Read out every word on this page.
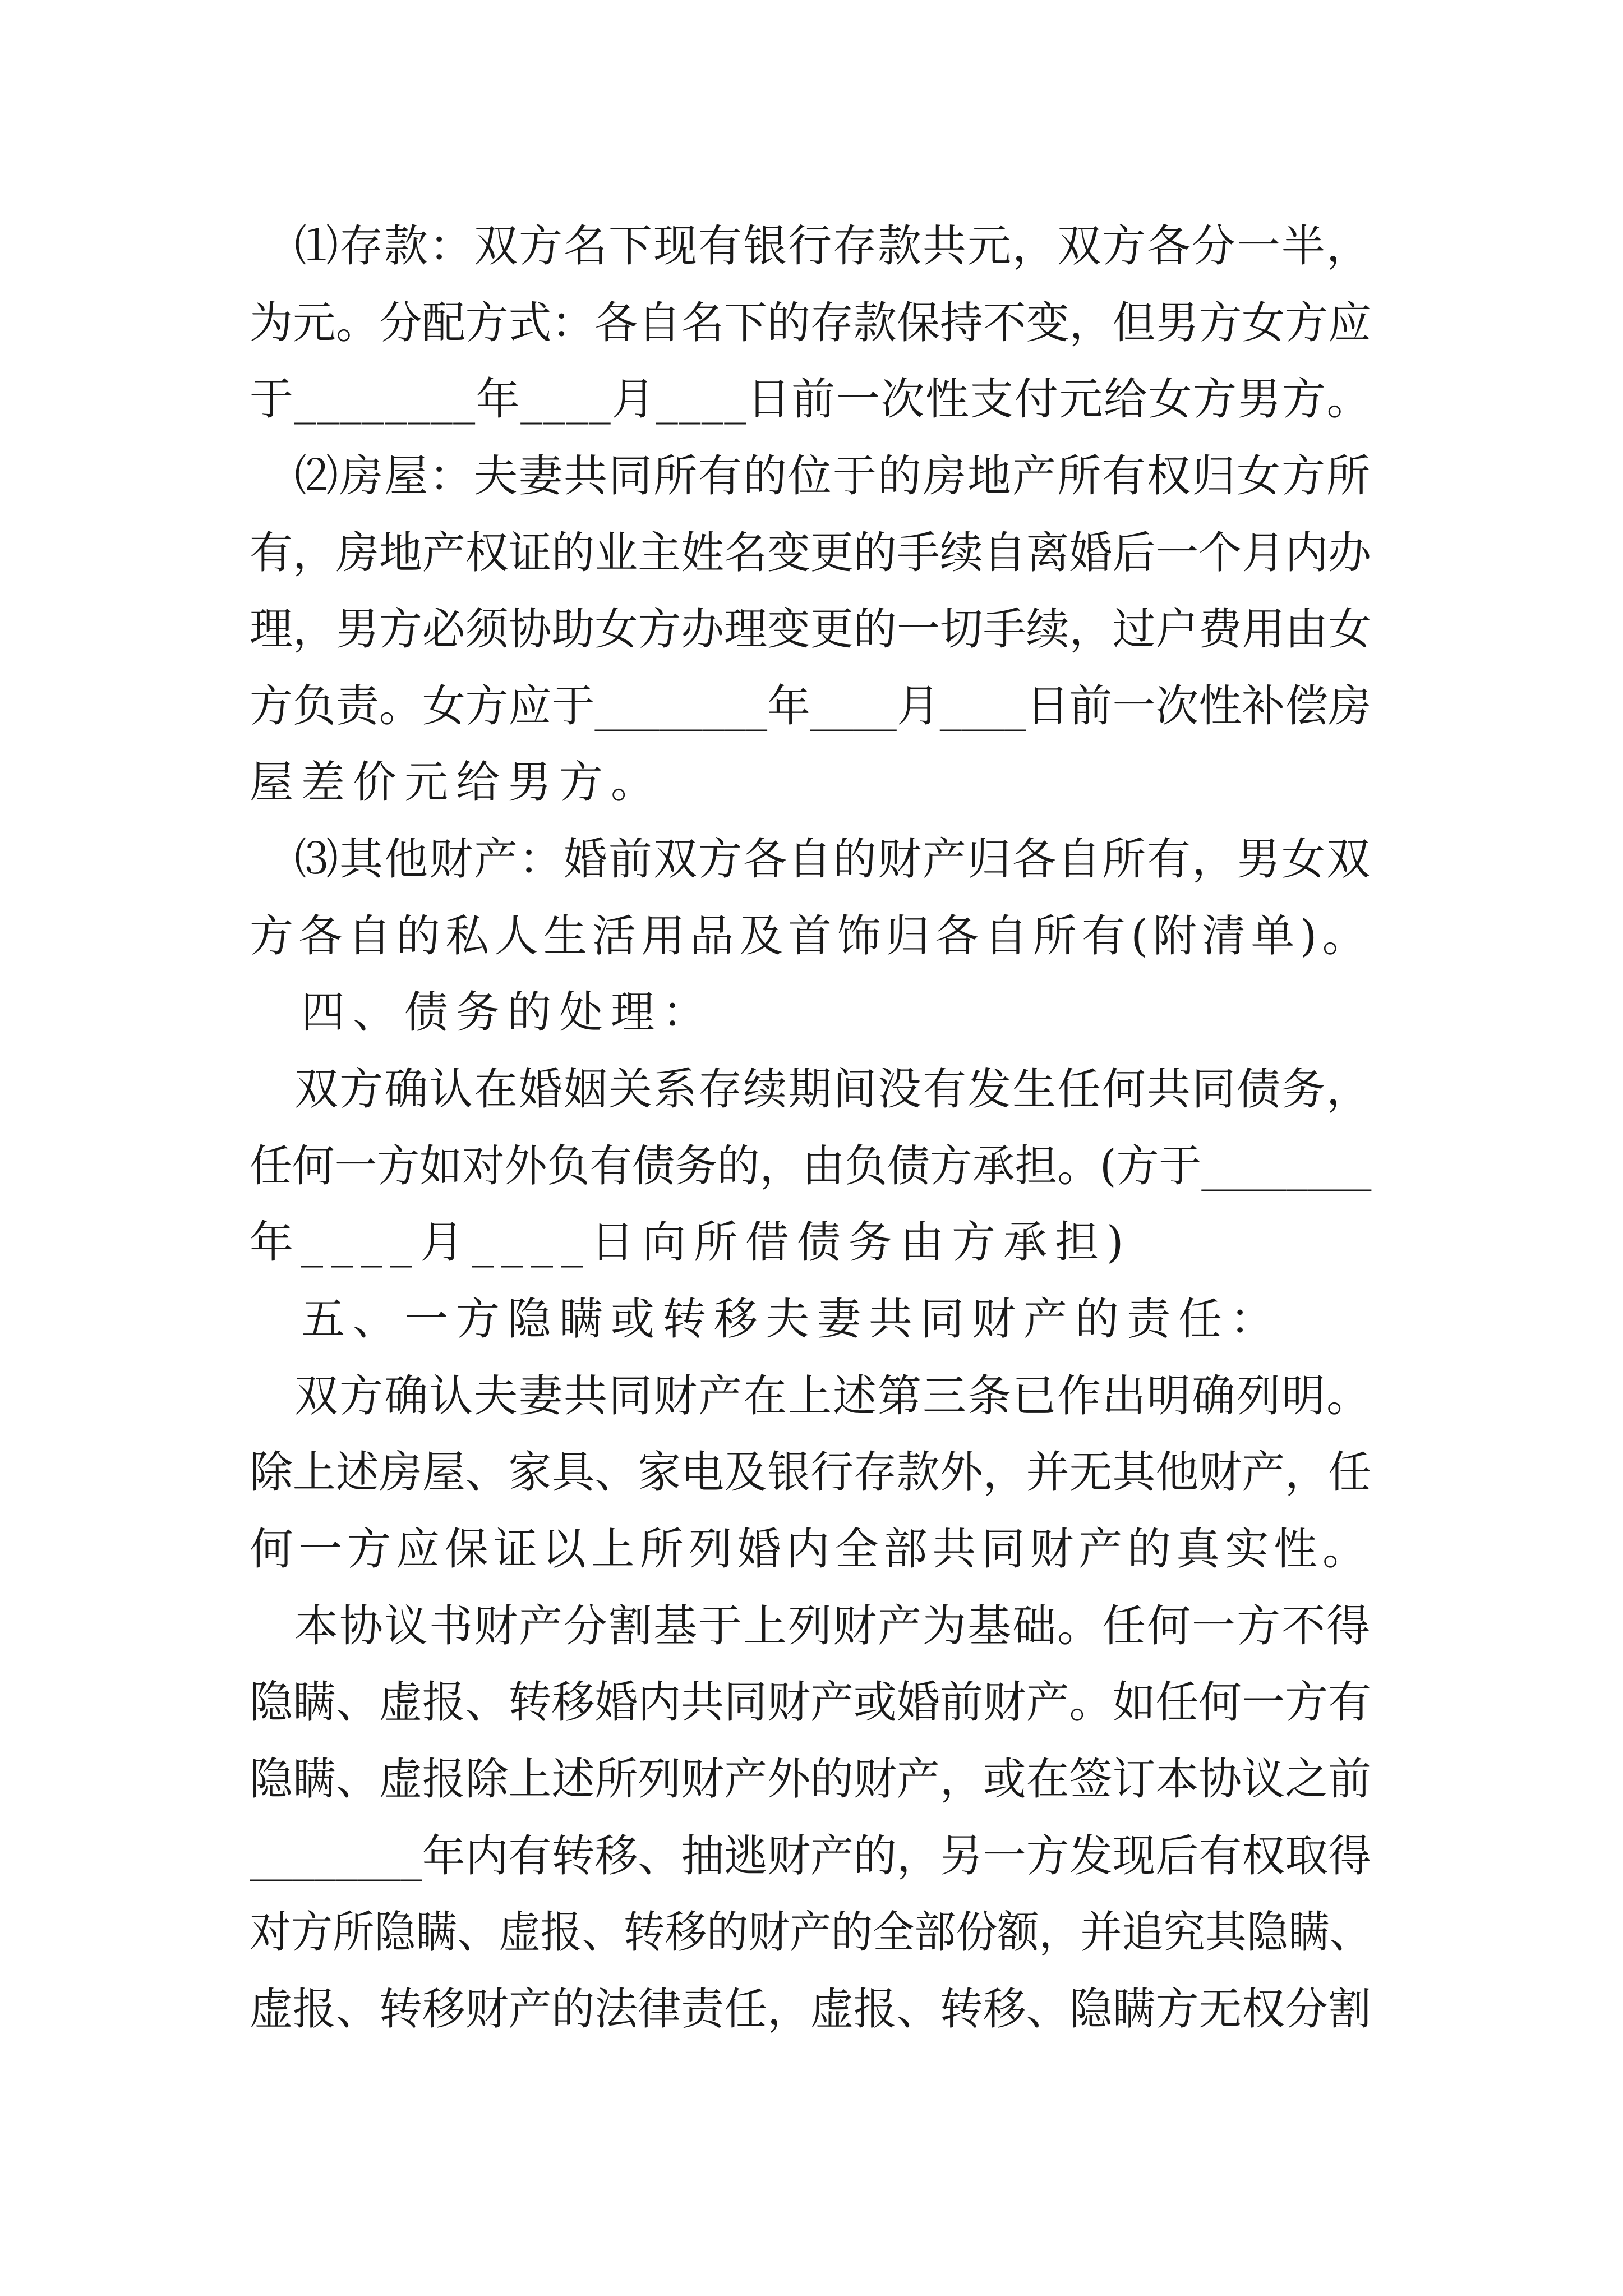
　⑴存款：双方名下现有银行存款共元，双方各分一半，
为元。分配方式：各自名下的存款保持不变，但男方女方应
于________年____月____日前一次性支付元给女方男方。
　⑵房屋：夫妻共同所有的位于的房地产所有权归女方所
有，房地产权证的业主姓名变更的手续自离婚后一个月内办
理，男方必须协助女方办理变更的一切手续，过户费用由女
方负责。女方应于________年____月____日前一次性补偿房
屋差价元给男方。
　⑶其他财产：婚前双方各自的财产归各自所有，男女双
方各自的私人生活用品及首饰归各自所有(附清单)。
　四、债务的处理：
　双方确认在婚姻关系存续期间没有发生任何共同债务，
任何一方如对外负有债务的，由负债方承担。(方于________
年____月____日向所借债务由方承担)
　五、一方隐瞒或转移夫妻共同财产的责任：
　双方确认夫妻共同财产在上述第三条已作出明确列明。
除上述房屋、家具、家电及银行存款外，并无其他财产，任
何一方应保证以上所列婚内全部共同财产的真实性。
　本协议书财产分割基于上列财产为基础。任何一方不得
隐瞒、虚报、转移婚内共同财产或婚前财产。如任何一方有
隐瞒、虚报除上述所列财产外的财产，或在签订本协议之前
________年内有转移、抽逃财产的，另一方发现后有权取得
对方所隐瞒、虚报、转移的财产的全部份额，并追究其隐瞒、
虚报、转移财产的法律责任，虚报、转移、隐瞒方无权分割
